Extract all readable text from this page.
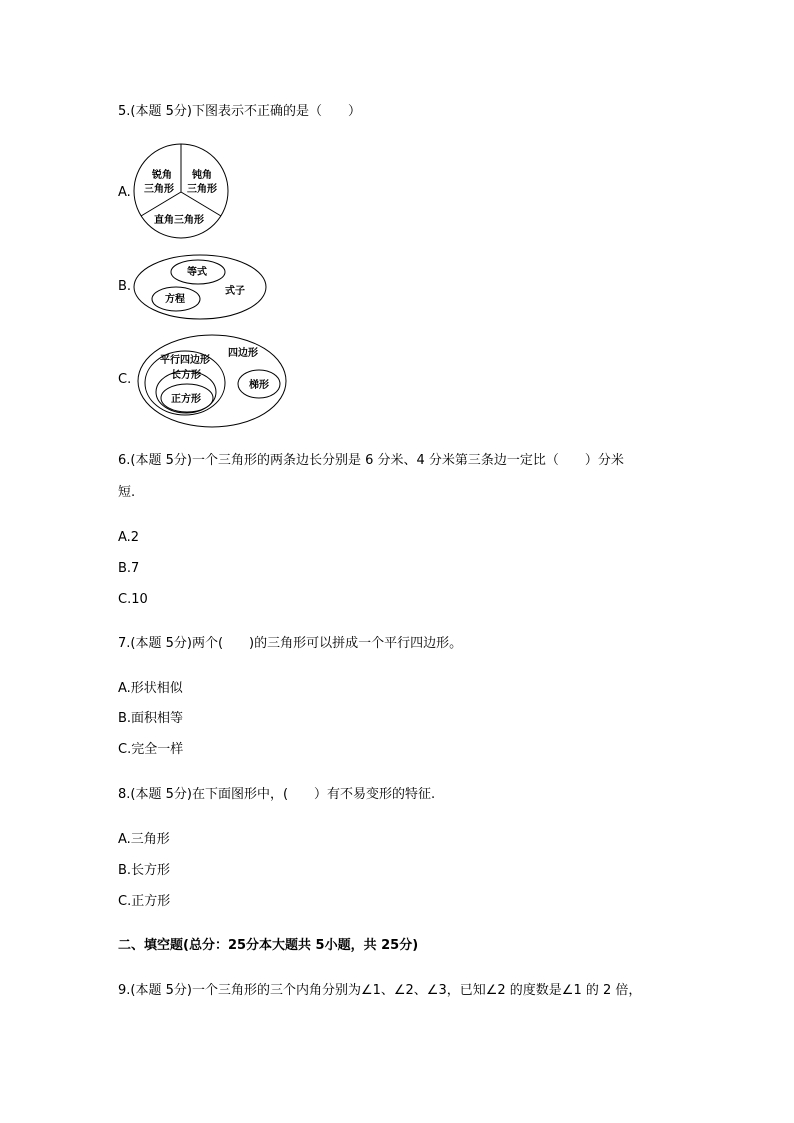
5.(本题 5分)下图表示不正确的是（　　）
A.
锐角
三角形
钝角
三角形
直角三角形
B.
等式
方程
式子
C.
四边形
平行四边形
长方形
正方形
梯形
6.(本题 5分)一个三角形的两条边长分别是 6 分米、4 分米第三条边一定比（　　）分米
短.
A.2
B.7
C.10
7.(本题 5分)两个(　　)的三角形可以拼成一个平行四边形。
A.形状相似
B.面积相等
C.完全一样
8.(本题 5分)在下面图形中，(　　）有不易变形的特征.
A.三角形
B.长方形
C.正方形
二、填空题(总分：25分本大题共 5小题，共 25分)
9.(本题 5分)一个三角形的三个内角分别为∠1、∠2、∠3，已知∠2 的度数是∠1 的 2 倍，
